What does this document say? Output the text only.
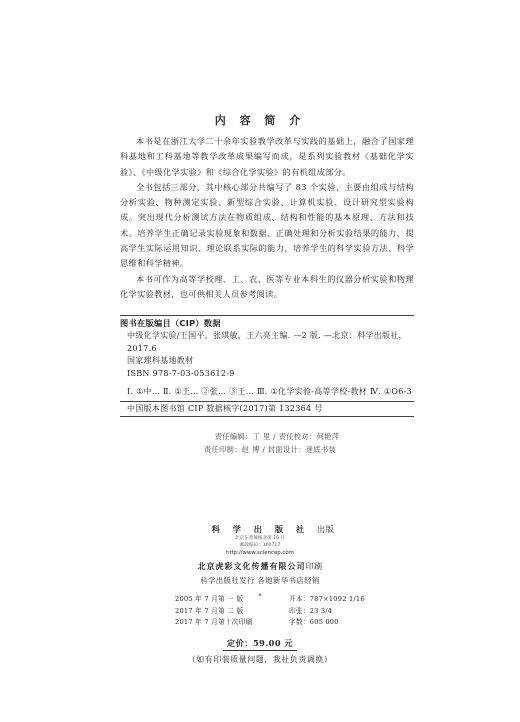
内 容 简 介

本书是在浙江大学二十余年实验教学改革与实践的基础上，融合了国家理科基地和工科基地等教学改革成果编写而成，是系列实验教材《基础化学实验》、《中级化学实验》和《综合化学实验》的有机组成部分。

全书包括三部分，其中核心部分共编写了 83 个实验，主要由组成与结构分析实验、物种测定实验、新型综合实验、计算机实验、设计研究型实验构成。突出现代分析测试方法在物质组成、结构和性能的基本原理、方法和技术。培养学生正确记录实验现象和数据、正确处理和分析实验结果的能力，提高学生实际运用知识、理论联系实际的能力，培养学生的科学实验方法、科学思维和科学精神。

本书可作为高等学校理、工、农、医等专业本科生的仪器分析实验和物理化学实验教材，也可供相关人员参考阅读。

图书在版编目（CIP）数据
中级化学实验/王国平，张琪敏，王六亮主编. —2 版. —北京：科学出版社，2017.6
国家理科基地教材
ISBN 978-7-03-053612-9
Ⅰ. ①中… Ⅱ. ①王… ②张… ③王… Ⅲ. ①化学实验-高等学校-教材 Ⅳ. ①O6-3
中国版本图书馆 CIP 数据核字(2017)第 132364 号
责任编辑：丁 里 / 责任校对：何艳萍
责任印制：赵 博 / 封面设计：迷底书装
科 学 出 版 社 出版
北京东黄城根北街 16 号
邮政编码：100717
http://www.sciencep.com
北京虎彩文化传播有限公司印刷
科学出版社发行 各地新华书店经销
*
2005 年 7 月第 一 版	开本：787×1092 1/16
2017 年 7 月第 二 版	印张：23 3/4
2017 年 7 月第十次印刷	字数：605 000
定价：59.00 元
（如有印装质量问题，我社负责调换）
